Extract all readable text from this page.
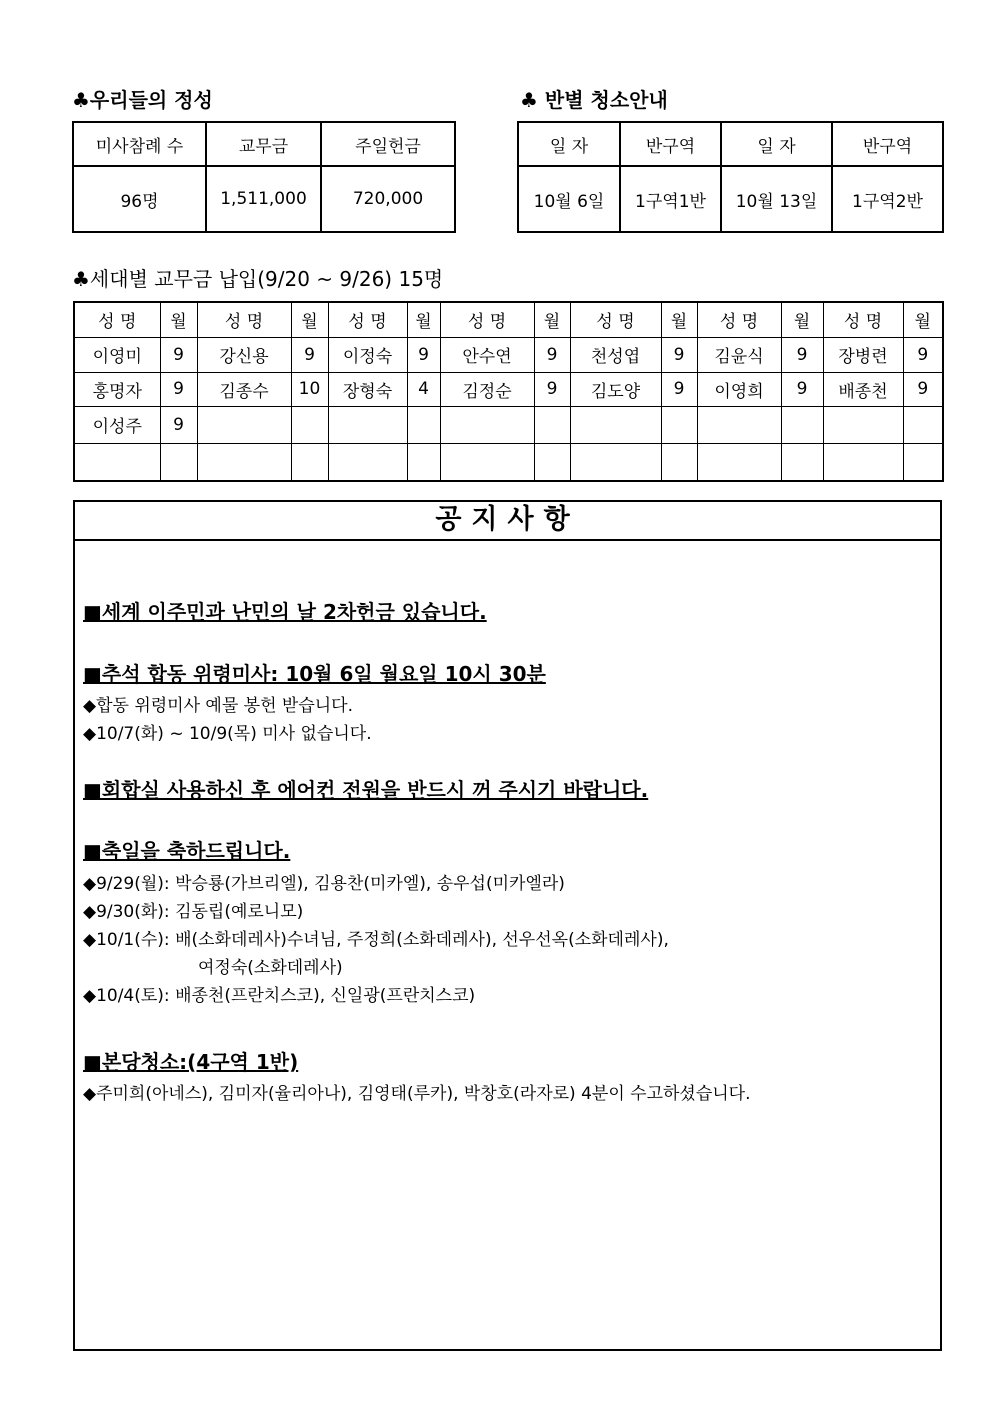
♣우리들의 정성
미사참례 수	교무금	주일헌금
96명	1,511,000	720,000
♣ 반별 청소안내
일 자	반구역	일 자	반구역
10월 6일	1구역1반	10월 13일	1구역2반
♣세대별 교무금 납입(9/20 ~ 9/26) 15명
성 명	월	성 명	월	성 명	월	성 명	월	성 명	월	성 명	월	성 명	월
이영미	9	강신용	9	이정숙	9	안수연	9	천성엽	9	김윤식	9	장병련	9
홍명자	9	김종수	10	장형숙	4	김정순	9	김도양	9	이영희	9	배종천	9
이성주	9												

공지사항
■세계 이주민과 난민의 날 2차헌금 있습니다.
■추석 합동 위령미사: 10월 6일 월요일 10시 30분
◆합동 위령미사 예물 봉헌 받습니다.
◆10/7(화) ~ 10/9(목) 미사 없습니다.
■회합실 사용하신 후 에어컨 전원을 반드시 꺼 주시기 바랍니다.
■축일을 축하드립니다.
◆9/29(월): 박승룡(가브리엘), 김용찬(미카엘), 송우섭(미카엘라)
◆9/30(화): 김동립(예로니모)
◆10/1(수): 배(소화데레사)수녀님, 주정희(소화데레사), 선우선옥(소화데레사),
여정숙(소화데레사)
◆10/4(토): 배종천(프란치스코), 신일광(프란치스코)
■본당청소:(4구역 1반)
◆주미희(아네스), 김미자(율리아나), 김영태(루카), 박창호(라자로) 4분이 수고하셨습니다.
